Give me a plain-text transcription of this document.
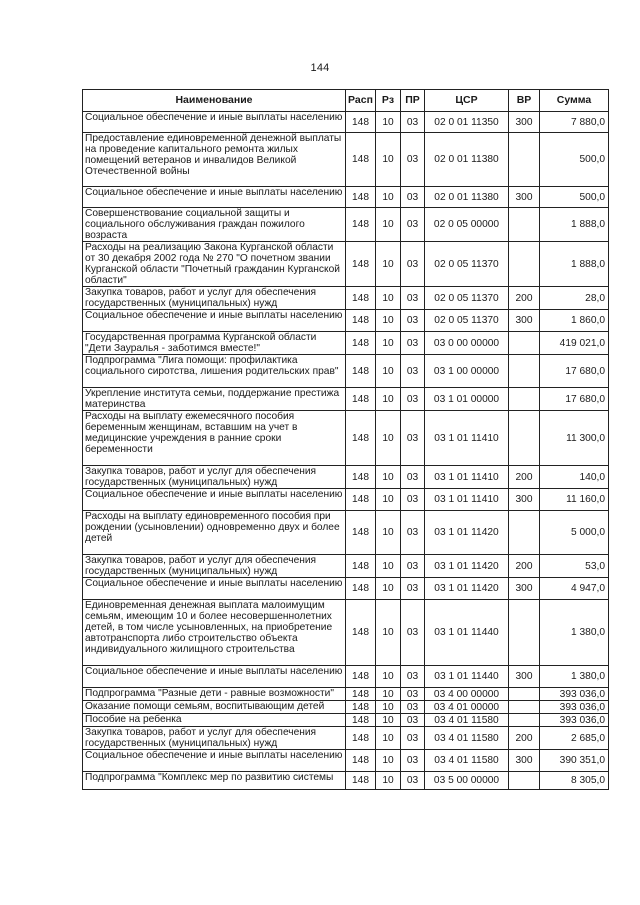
144
Наименование	Расп	Рз	ПР	ЦСР	ВР	Сумма
Социальное обеспечение и иные выплаты населению	148	10	03	02 0 01 11350	300	7 880,0
Предоставление единовременной денежной выплаты на проведение капитального ремонта жилых помещений ветеранов и инвалидов Великой Отечественной войны	148	10	03	02 0 01 11380		500,0
Социальное обеспечение и иные выплаты населению	148	10	03	02 0 01 11380	300	500,0
Совершенствование социальной защиты и социального обслуживания граждан пожилого возраста	148	10	03	02 0 05 00000		1 888,0
Расходы на реализацию Закона Курганской области от 30 декабря 2002 года № 270 "О почетном звании Курганской области "Почетный гражданин Курганской области"	148	10	03	02 0 05 11370		1 888,0
Закупка товаров, работ и услуг для обеспечения государственных (муниципальных) нужд	148	10	03	02 0 05 11370	200	28,0
Социальное обеспечение и иные выплаты населению	148	10	03	02 0 05 11370	300	1 860,0
Государственная программа Курганской области "Дети Зауралья - заботимся вместе!"	148	10	03	03 0 00 00000		419 021,0
Подпрограмма "Лига помощи: профилактика социального сиротства, лишения родительских прав"	148	10	03	03 1 00 00000		17 680,0
Укрепление института семьи, поддержание престижа материнства	148	10	03	03 1 01 00000		17 680,0
Расходы на выплату ежемесячного пособия беременным женщинам, вставшим на учет в медицинские учреждения в ранние сроки беременности	148	10	03	03 1 01 11410		11 300,0
Закупка товаров, работ и услуг для обеспечения государственных (муниципальных) нужд	148	10	03	03 1 01 11410	200	140,0
Социальное обеспечение и иные выплаты населению	148	10	03	03 1 01 11410	300	11 160,0
Расходы на выплату единовременного пособия при рождении (усыновлении) одновременно двух и более детей	148	10	03	03 1 01 11420		5 000,0
Закупка товаров, работ и услуг для обеспечения государственных (муниципальных) нужд	148	10	03	03 1 01 11420	200	53,0
Социальное обеспечение и иные выплаты населению	148	10	03	03 1 01 11420	300	4 947,0
Единовременная денежная выплата малоимущим семьям, имеющим 10 и более несовершеннолетних детей, в том числе усыновленных, на приобретение автотранспорта либо строительство объекта индивидуального жилищного строительства	148	10	03	03 1 01 11440		1 380,0
Социальное обеспечение и иные выплаты населению	148	10	03	03 1 01 11440	300	1 380,0
Подпрограмма "Разные дети - равные возможности"	148	10	03	03 4 00 00000		393 036,0
Оказание помощи семьям, воспитывающим детей	148	10	03	03 4 01 00000		393 036,0
Пособие на ребенка	148	10	03	03 4 01 11580		393 036,0
Закупка товаров, работ и услуг для обеспечения государственных (муниципальных) нужд	148	10	03	03 4 01 11580	200	2 685,0
Социальное обеспечение и иные выплаты населению	148	10	03	03 4 01 11580	300	390 351,0
Подпрограмма "Комплекс мер по развитию системы	148	10	03	03 5 00 00000		8 305,0
